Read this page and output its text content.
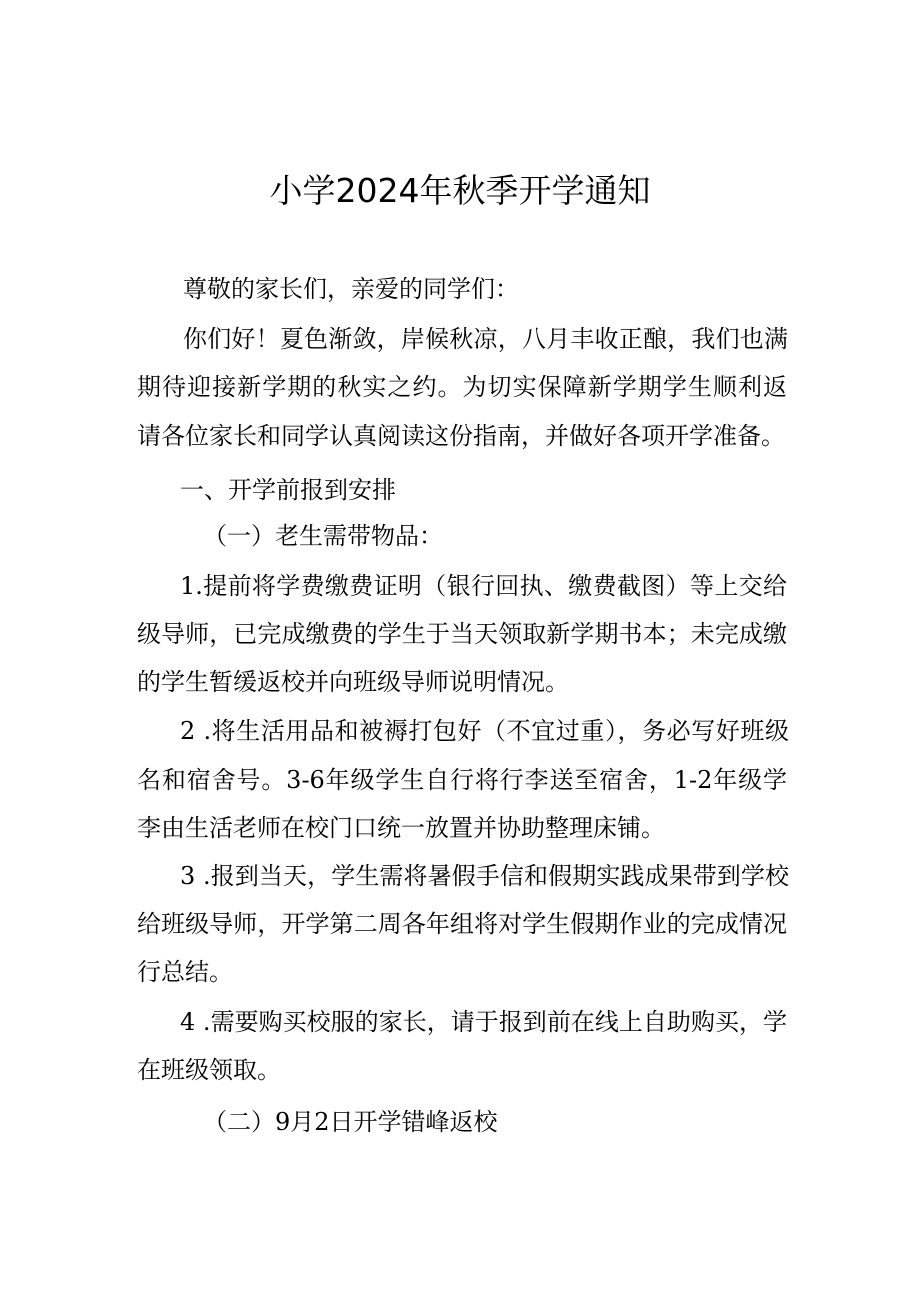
小学2024年秋季开学通知

尊敬的家长们，亲爱的同学们：

你们好！夏色渐敛，岸候秋凉，八月丰收正酿，我们也满

期待迎接新学期的秋实之约。为切实保障新学期学生顺利返

请各位家长和同学认真阅读这份指南，并做好各项开学准备。

一、开学前报到安排

（一）老生需带物品：

1.提前将学费缴费证明（银行回执、缴费截图）等上交给

级导师，已完成缴费的学生于当天领取新学期书本；未完成缴

的学生暂缓返校并向班级导师说明情况。

2 .将生活用品和被褥打包好（不宜过重），务必写好班级

名和宿舍号。3-6年级学生自行将行李送至宿舍，1-2年级学

李由生活老师在校门口统一放置并协助整理床铺。

3 .报到当天，学生需将暑假手信和假期实践成果带到学校

给班级导师，开学第二周各年组将对学生假期作业的完成情况

行总结。

4 .需要购买校服的家长，请于报到前在线上自助购买，学

在班级领取。

（二）9月2日开学错峰返校
